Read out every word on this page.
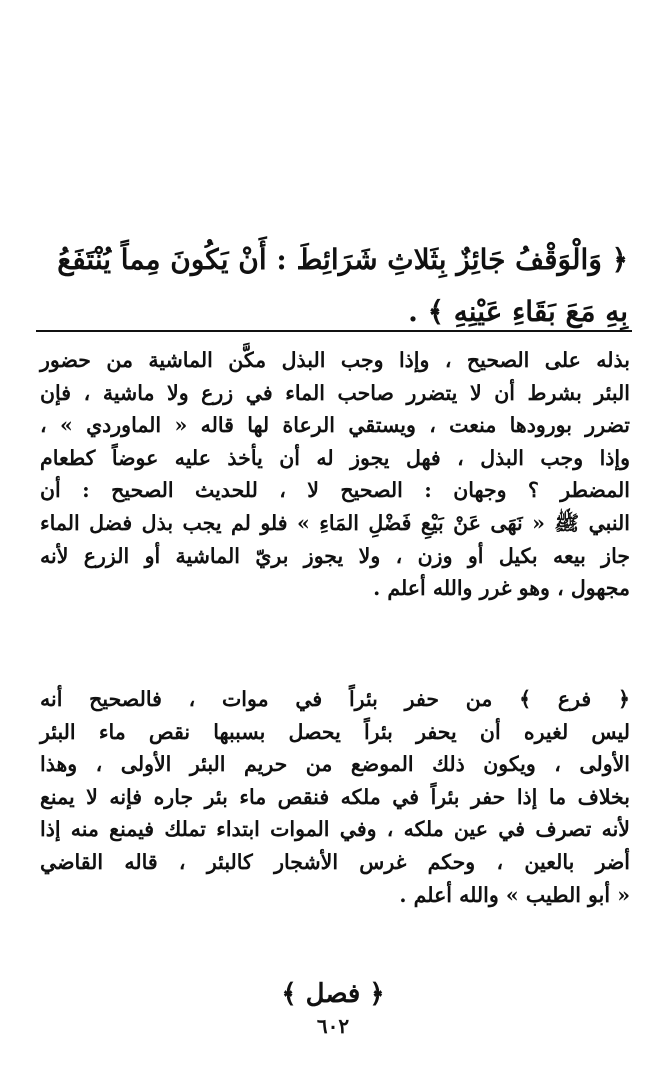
﴿ وَالْوَقْفُ جَائِزٌ بِثَلاثِ شَرَائِطَ : أَنْ يَكُونَ مِماً يُنْتَفَعُ
بِهِ مَعَ بَقَاءِ عَيْنِهِ ﴾ .
بذله على الصحيح ، وإذا وجب البذل مكَّن الماشية من حضور
البئر بشرط أن لا يتضرر صاحب الماء في زرع ولا ماشية ، فإن
تضرر بورودها منعت ، ويستقي الرعاة لها قاله « الماوردي » ،
وإذا وجب البذل ، فهل يجوز له أن يأخذ عليه عوضاً كطعام
المضطر ؟ وجهان : الصحيح لا ، للحديث الصحيح : أن
النبي ﷺ « نَهَى عَنْ بَيْعِ فَضْلِ المَاءِ » فلو لم يجب بذل فضل الماء
جاز بيعه بكيل أو وزن ، ولا يجوز بريّ الماشية أو الزرع لأنه
مجهول ، وهو غرر والله أعلم .
﴿ فرع ﴾ من حفر بئراً في موات ، فالصحيح أنه
ليس لغيره أن يحفر بئراً يحصل بسببها نقص ماء البئر
الأولى ، ويكون ذلك الموضع من حريم البئر الأولى ، وهذا
بخلاف ما إذا حفر بئراً في ملكه فنقص ماء بئر جاره فإنه لا يمنع
لأنه تصرف في عين ملكه ، وفي الموات ابتداء تملك فيمنع منه إذا
أضر بالعين ، وحكم غرس الأشجار كالبئر ، قاله القاضي
« أبو الطيب » والله أعلم .
﴿ فصل ﴾
٦٠٢
